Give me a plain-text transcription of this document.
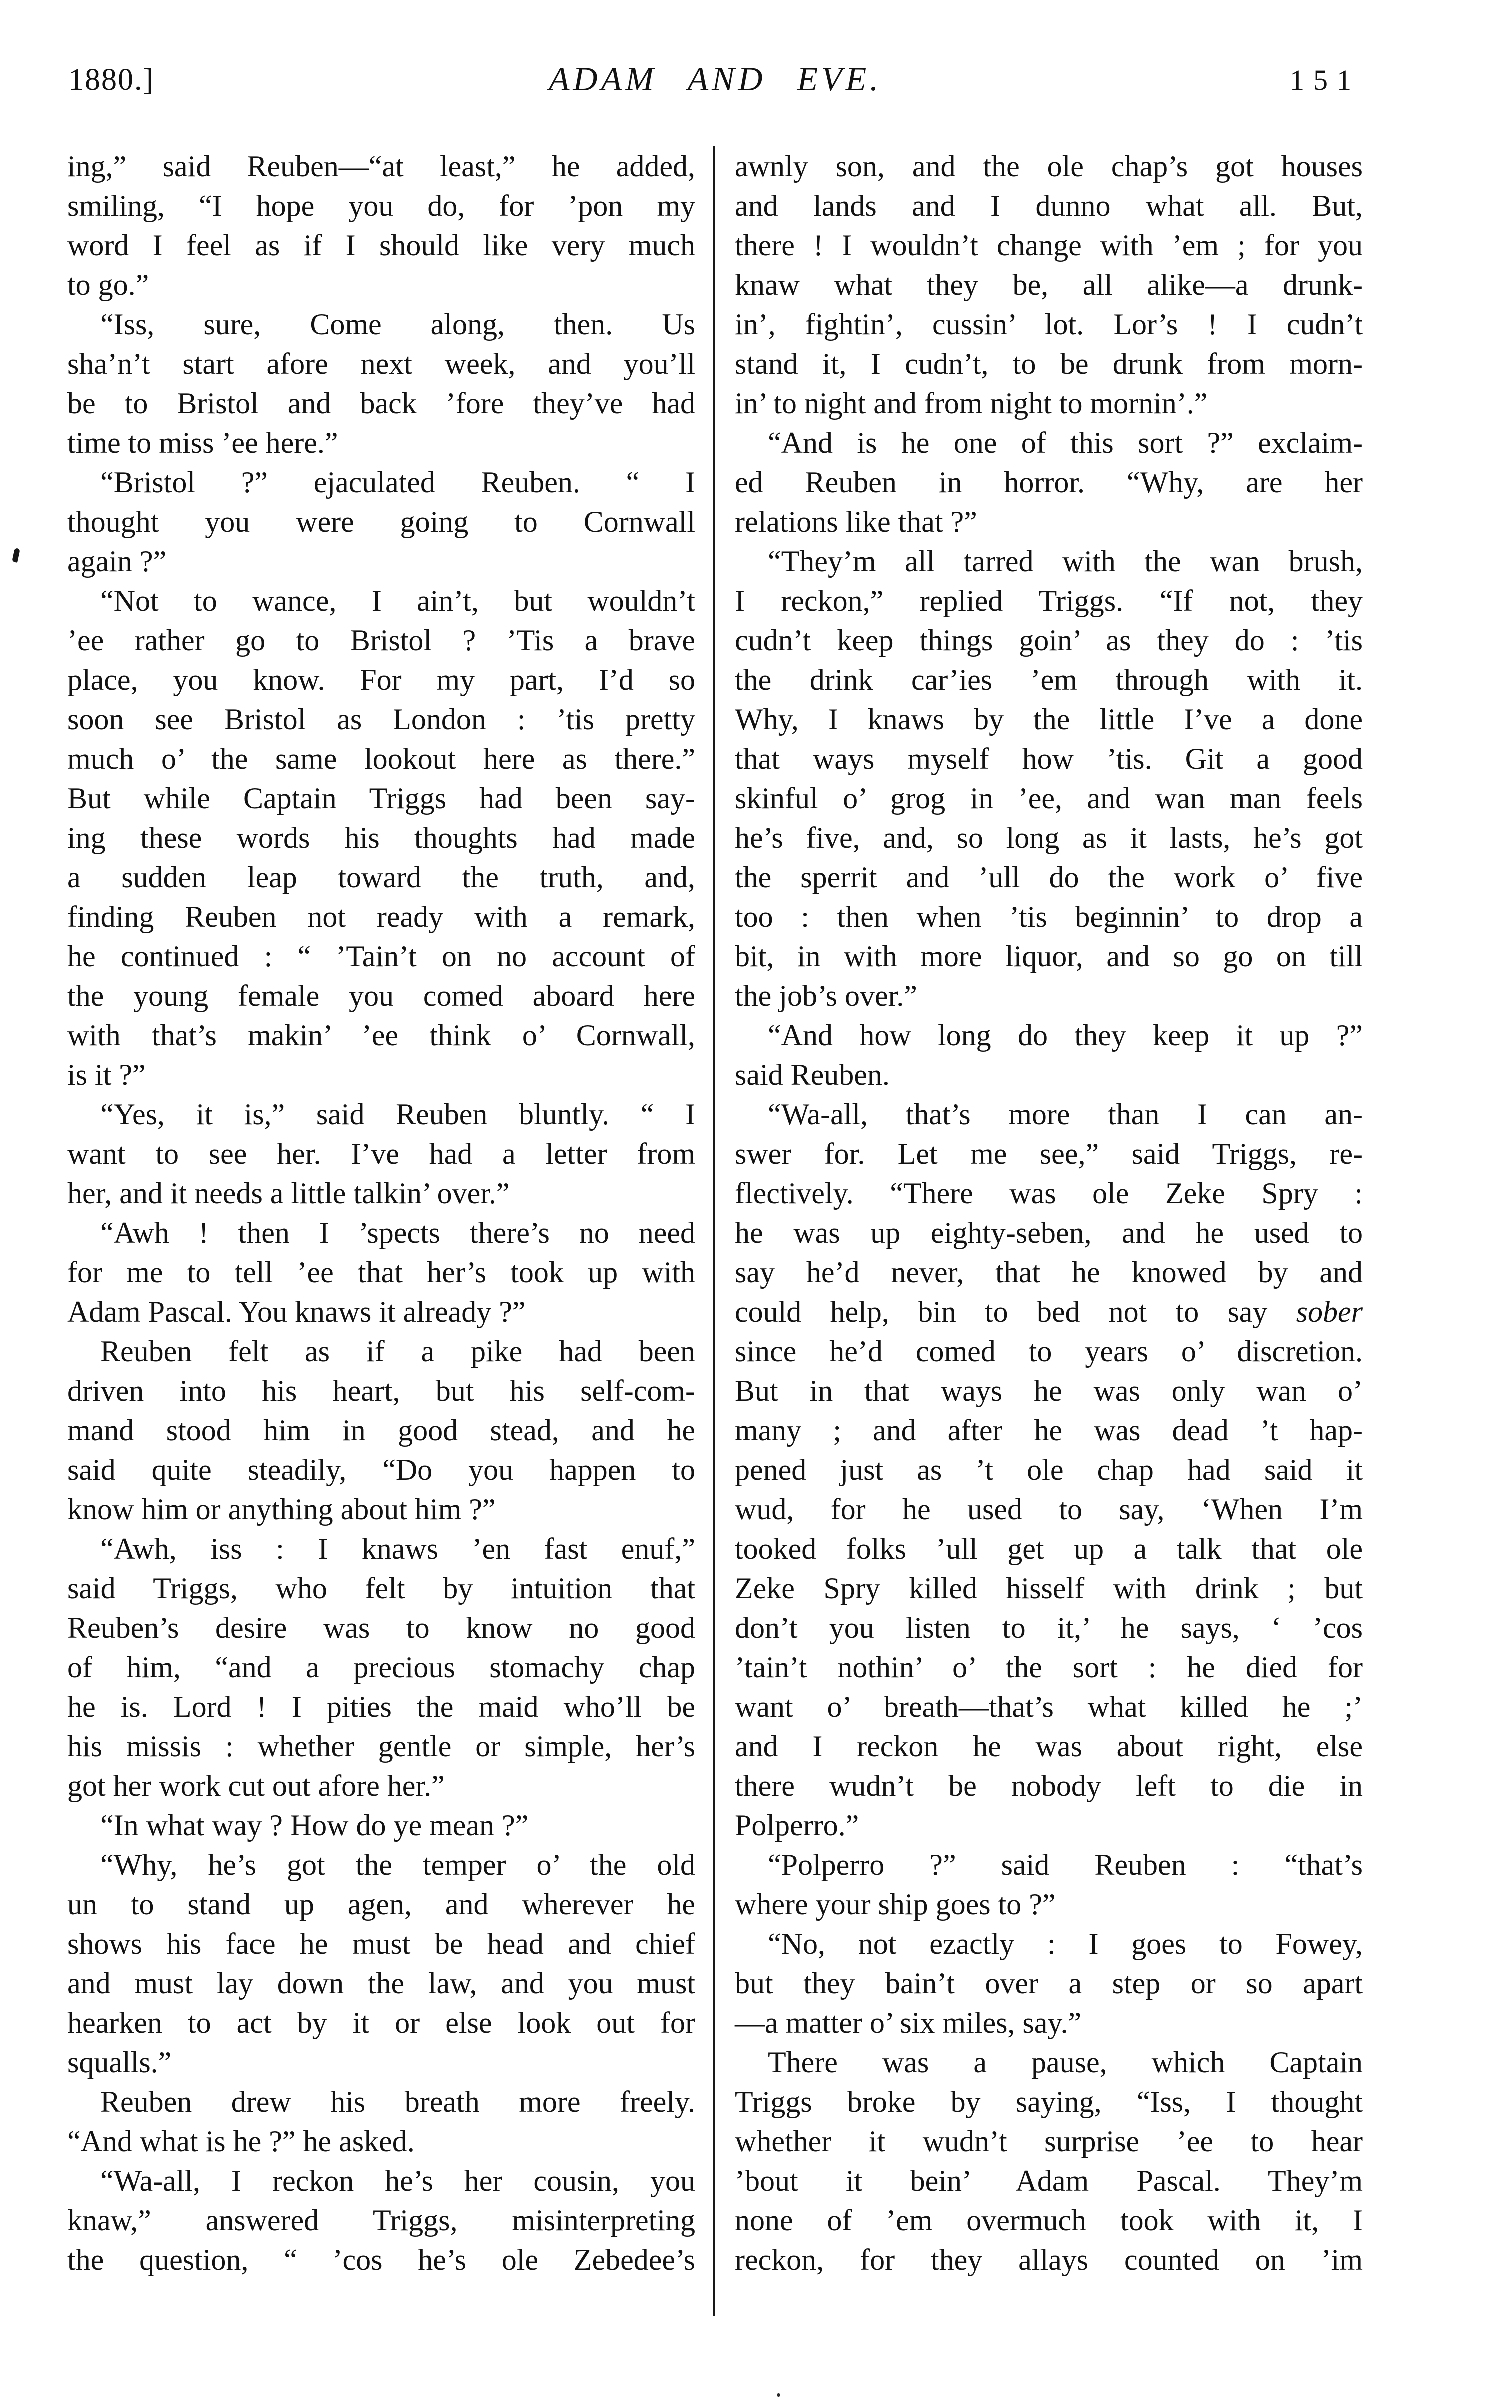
1880.]	ADAM AND EVE.	151
ing,” said Reuben—“at least,” he added,
smiling, “I hope you do, for ’pon my
word I feel as if I should like very much
to go.”
“Iss, sure, Come along, then. Us
sha’n’t start afore next week, and you’ll
be to Bristol and back ’fore they’ve had
time to miss ’ee here.”
“Bristol ?” ejaculated Reuben. “ I
thought you were going to Cornwall
again ?”
“Not to wance, I ain’t, but wouldn’t
’ee rather go to Bristol ? ’Tis a brave
place, you know. For my part, I’d so
soon see Bristol as London : ’tis pretty
much o’ the same lookout here as there.”
But while Captain Triggs had been say-
ing these words his thoughts had made
a sudden leap toward the truth, and,
finding Reuben not ready with a remark,
he continued : “ ’Tain’t on no account of
the young female you comed aboard here
with that’s makin’ ’ee think o’ Cornwall,
is it ?”
“Yes, it is,” said Reuben bluntly. “ I
want to see her. I’ve had a letter from
her, and it needs a little talkin’ over.”
“Awh ! then I ’spects there’s no need
for me to tell ’ee that her’s took up with
Adam Pascal. You knaws it already ?”
Reuben felt as if a pike had been
driven into his heart, but his self-com-
mand stood him in good stead, and he
said quite steadily, “Do you happen to
know him or anything about him ?”
“Awh, iss : I knaws ’en fast enuf,”
said Triggs, who felt by intuition that
Reuben’s desire was to know no good
of him, “and a precious stomachy chap
he is. Lord ! I pities the maid who’ll be
his missis : whether gentle or simple, her’s
got her work cut out afore her.”
“In what way ? How do ye mean ?”
“Why, he’s got the temper o’ the old
un to stand up agen, and wherever he
shows his face he must be head and chief
and must lay down the law, and you must
hearken to act by it or else look out for
squalls.”
Reuben drew his breath more freely.
“And what is he ?” he asked.
“Wa-all, I reckon he’s her cousin, you
knaw,” answered Triggs, misinterpreting
the question, “ ’cos he’s ole Zebedee’s
awnly son, and the ole chap’s got houses
and lands and I dunno what all. But,
there ! I wouldn’t change with ’em ; for you
knaw what they be, all alike—a drunk-
in’, fightin’, cussin’ lot. Lor’s ! I cudn’t
stand it, I cudn’t, to be drunk from morn-
in’ to night and from night to mornin’.”
“And is he one of this sort ?” exclaim-
ed Reuben in horror. “Why, are her
relations like that ?”
“They’m all tarred with the wan brush,
I reckon,” replied Triggs. “If not, they
cudn’t keep things goin’ as they do : ’tis
the drink car’ies ’em through with it.
Why, I knaws by the little I’ve a done
that ways myself how ’tis. Git a good
skinful o’ grog in ’ee, and wan man feels
he’s five, and, so long as it lasts, he’s got
the sperrit and ’ull do the work o’ five
too : then when ’tis beginnin’ to drop a
bit, in with more liquor, and so go on till
the job’s over.”
“And how long do they keep it up ?”
said Reuben.
“Wa-all, that’s more than I can an-
swer for. Let me see,” said Triggs, re-
flectively. “There was ole Zeke Spry :
he was up eighty-seben, and he used to
say he’d never, that he knowed by and
could help, bin to bed not to say sober
since he’d comed to years o’ discretion.
But in that ways he was only wan o’
many ; and after he was dead ’t hap-
pened just as ’t ole chap had said it
wud, for he used to say, ‘When I’m
tooked folks ’ull get up a talk that ole
Zeke Spry killed hisself with drink ; but
don’t you listen to it,’ he says, ‘ ’cos
’tain’t nothin’ o’ the sort : he died for
want o’ breath—that’s what killed he ;’
and I reckon he was about right, else
there wudn’t be nobody left to die in
Polperro.”
“Polperro ?” said Reuben : “that’s
where your ship goes to ?”
“No, not ezactly : I goes to Fowey,
but they bain’t over a step or so apart
—a matter o’ six miles, say.”
There was a pause, which Captain
Triggs broke by saying, “Iss, I thought
whether it wudn’t surprise ’ee to hear
’bout it bein’ Adam Pascal. They’m
none of ’em overmuch took with it, I
reckon, for they allays counted on ’im
